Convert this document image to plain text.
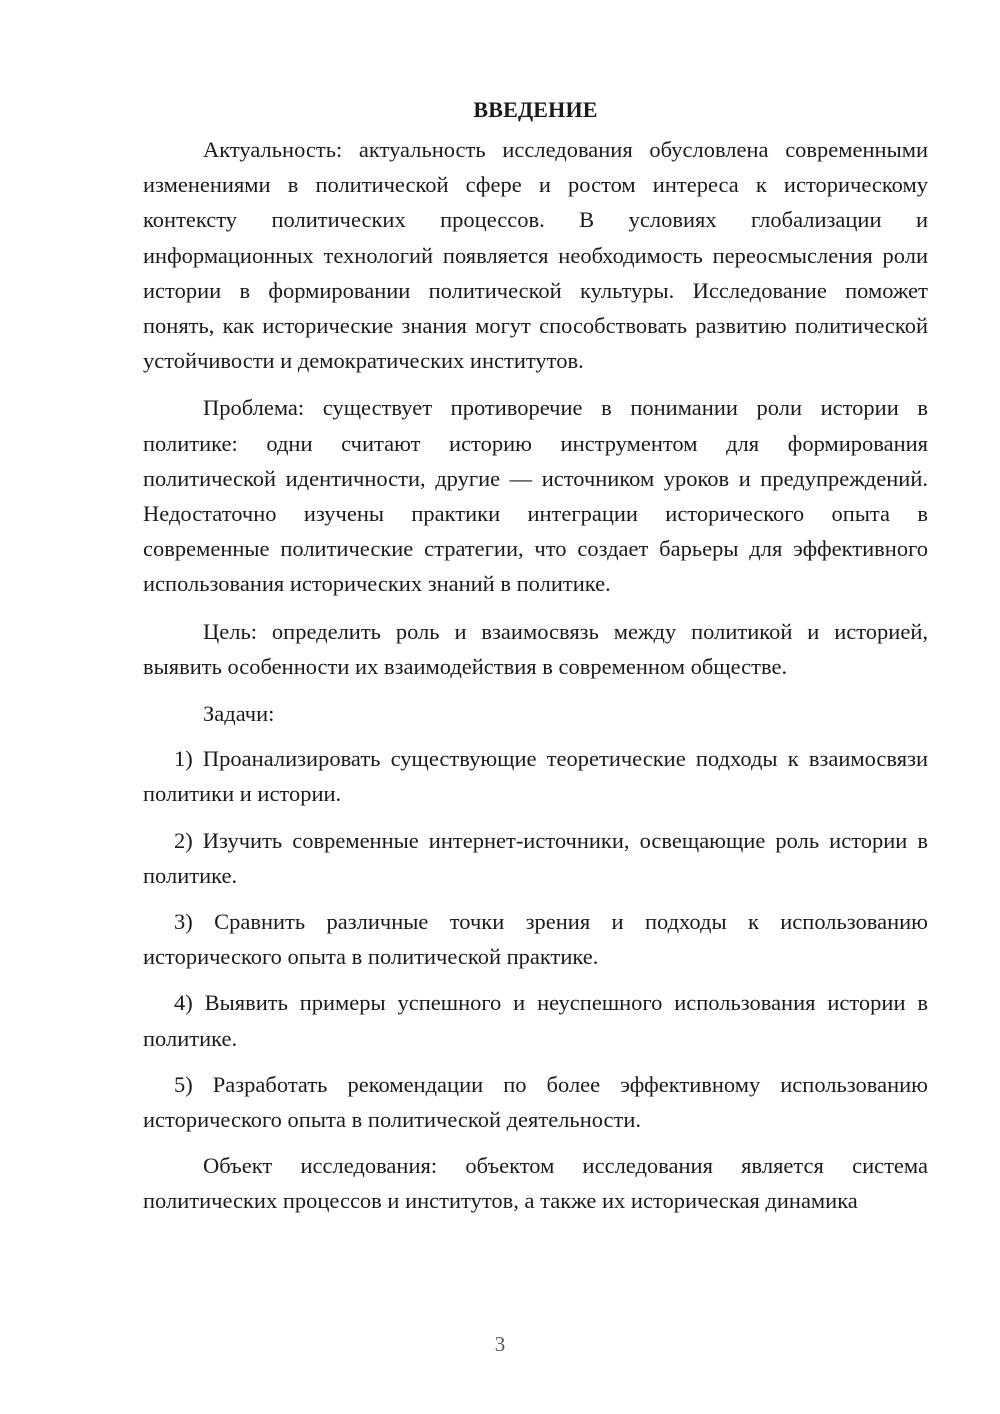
ВВЕДЕНИЕ

Актуальность: актуальность исследования обусловлена современными изменениями в политической сфере и ростом интереса к историческому контексту политических процессов. В условиях глобализации и информационных технологий появляется необходимость переосмысления роли истории в формировании политической культуры. Исследование поможет понять, как исторические знания могут способствовать развитию политической устойчивости и демократических институтов.

Проблема: существует противоречие в понимании роли истории в политике: одни считают историю инструментом для формирования политической идентичности, другие — источником уроков и предупреждений. Недостаточно изучены практики интеграции исторического опыта в современные политические стратегии, что создает барьеры для эффективного использования исторических знаний в политике.

Цель: определить роль и взаимосвязь между политикой и историей, выявить особенности их взаимодействия в современном обществе.

Задачи:

1) Проанализировать существующие теоретические подходы к взаимосвязи политики и истории.

2) Изучить современные интернет-источники, освещающие роль истории в политике.

3) Сравнить различные точки зрения и подходы к использованию исторического опыта в политической практике.

4) Выявить примеры успешного и неуспешного использования истории в политике.

5) Разработать рекомендации по более эффективному использованию исторического опыта в политической деятельности.

Объект исследования: объектом исследования является система политических процессов и институтов, а также их историческая динамика

3
